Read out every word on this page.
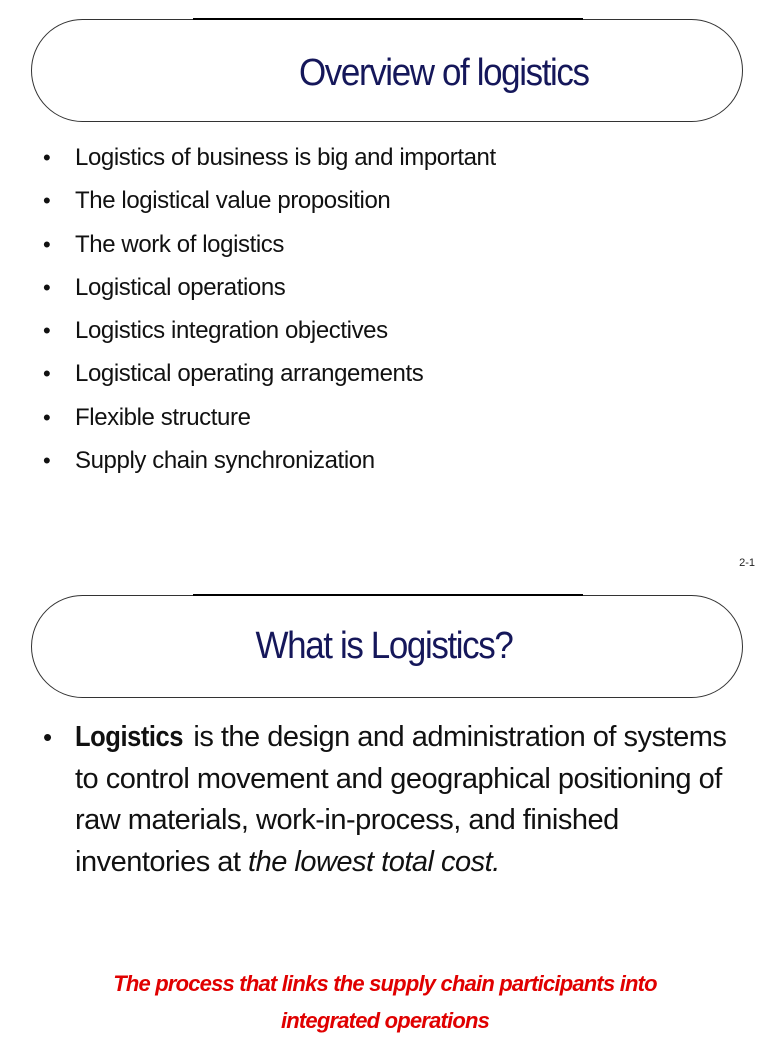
Overview of logistics
• Logistics of business is big and important
• The logistical value proposition
• The work of logistics
• Logistical operations
• Logistics integration objectives
• Logistical operating arrangements
• Flexible structure
• Supply chain synchronization
2-1
What is Logistics?
• Logistics is the design and administration of systems to control movement and geographical positioning of raw materials, work-in-process, and finished inventories at the lowest total cost.
The process that links the supply chain participants into integrated operations
